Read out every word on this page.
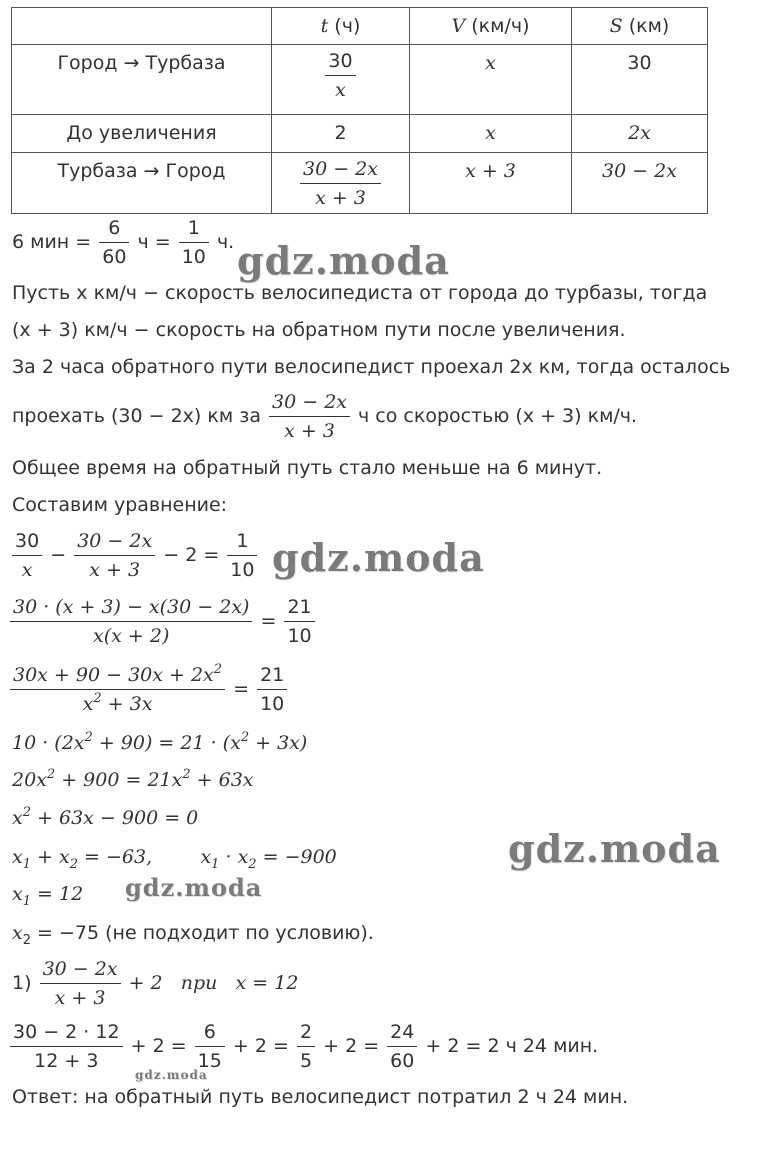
	t (ч)	V (км/ч)	S (км)
Город → Турбаза	$\frac{30}{x}$	x	30
До увеличения	2	x	2x
Турбаза → Город	$\frac{30 - 2x}{x + 3}$	x + 3	30 − 2x
6 мин = $\frac{6}{60}$ $ч = \frac{1}{10} ч$.
Пусть x км/ч − скорость велосипедиста от города до турбазы, тогда
(x + 3) км/ч − скорость на обратном пути после увеличения.
За 2 часа обратного пути велосипедист проехал 2x км, тогда осталось
проехать (30 − 2x) км за $\frac{30 - 2x}{x + 3}$ ч со скоростью (x + 3) км/ч.
Общее время на обратный путь стало меньше на 6 минут.
Составим уравнение:
$\frac{30}{x} - \frac{30 - 2x}{x + 3} - 2 = \frac{1}{10}$
$\frac{30 \cdot (x + 3) - x(30 - 2x)}{x(x + 2)} = \frac{21}{10}$
$\frac{30x + 90 - 30x + 2x^2}{x^2 + 3x} = \frac{21}{10}$
$10 \cdot (2x^2 + 90) = 21 \cdot (x^2 + 3x)$
$20x^2 + 900 = 21x^2 + 63x$
$x^2 + 63x - 900 = 0$
$x_1 + x_2 = -63$,        $x_1 \cdot x_2 = -900$
$x_1 = 12$
$x_2 = -75$ (не подходит по условию).
$1) \frac{30 - 2x}{x + 3} + 2$   при   x = 12
$\frac{30 - 2 \cdot 12}{12 + 3} + 2 = \frac{6}{15} + 2 = \frac{2}{5} + 2 = \frac{24}{60} + 2 = 2$ ч 24 мин.
Ответ: на обратный путь велосипедист потратил 2 ч 24 мин.
gdz.moda
gdz.moda
gdz.moda
gdz.moda
gdz.moda
